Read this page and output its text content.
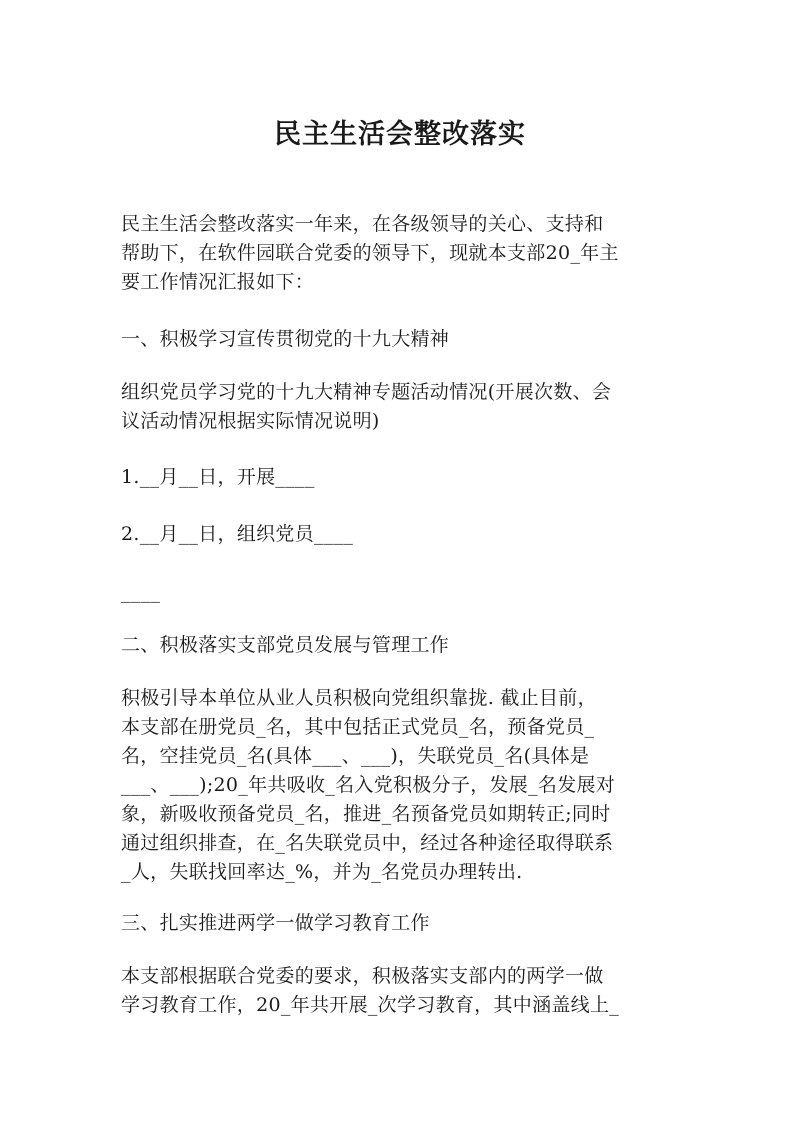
民主生活会整改落实

民主生活会整改落实一年来，在各级领导的关心、支持和
帮助下，在软件园联合党委的领导下，现就本支部20_年主
要工作情况汇报如下：

一、积极学习宣传贯彻党的十九大精神

组织党员学习党的十九大精神专题活动情况(开展次数、会
议活动情况根据实际情况说明)

1.__月__日，开展____

2.__月__日，组织党员____

____

二、积极落实支部党员发展与管理工作

积极引导本单位从业人员积极向党组织靠拢. 截止目前，
本支部在册党员_名，其中包括正式党员_名，预备党员_
名，空挂党员_名(具体___、___)，失联党员_名(具体是
___、___);20_年共吸收_名入党积极分子，发展_名发展对
象，新吸收预备党员_名，推进_名预备党员如期转正;同时
通过组织排查，在_名失联党员中，经过各种途径取得联系
_人，失联找回率达_%，并为_名党员办理转出.

三、扎实推进两学一做学习教育工作

本支部根据联合党委的要求，积极落实支部内的两学一做
学习教育工作，20_年共开展_次学习教育，其中涵盖线上_
